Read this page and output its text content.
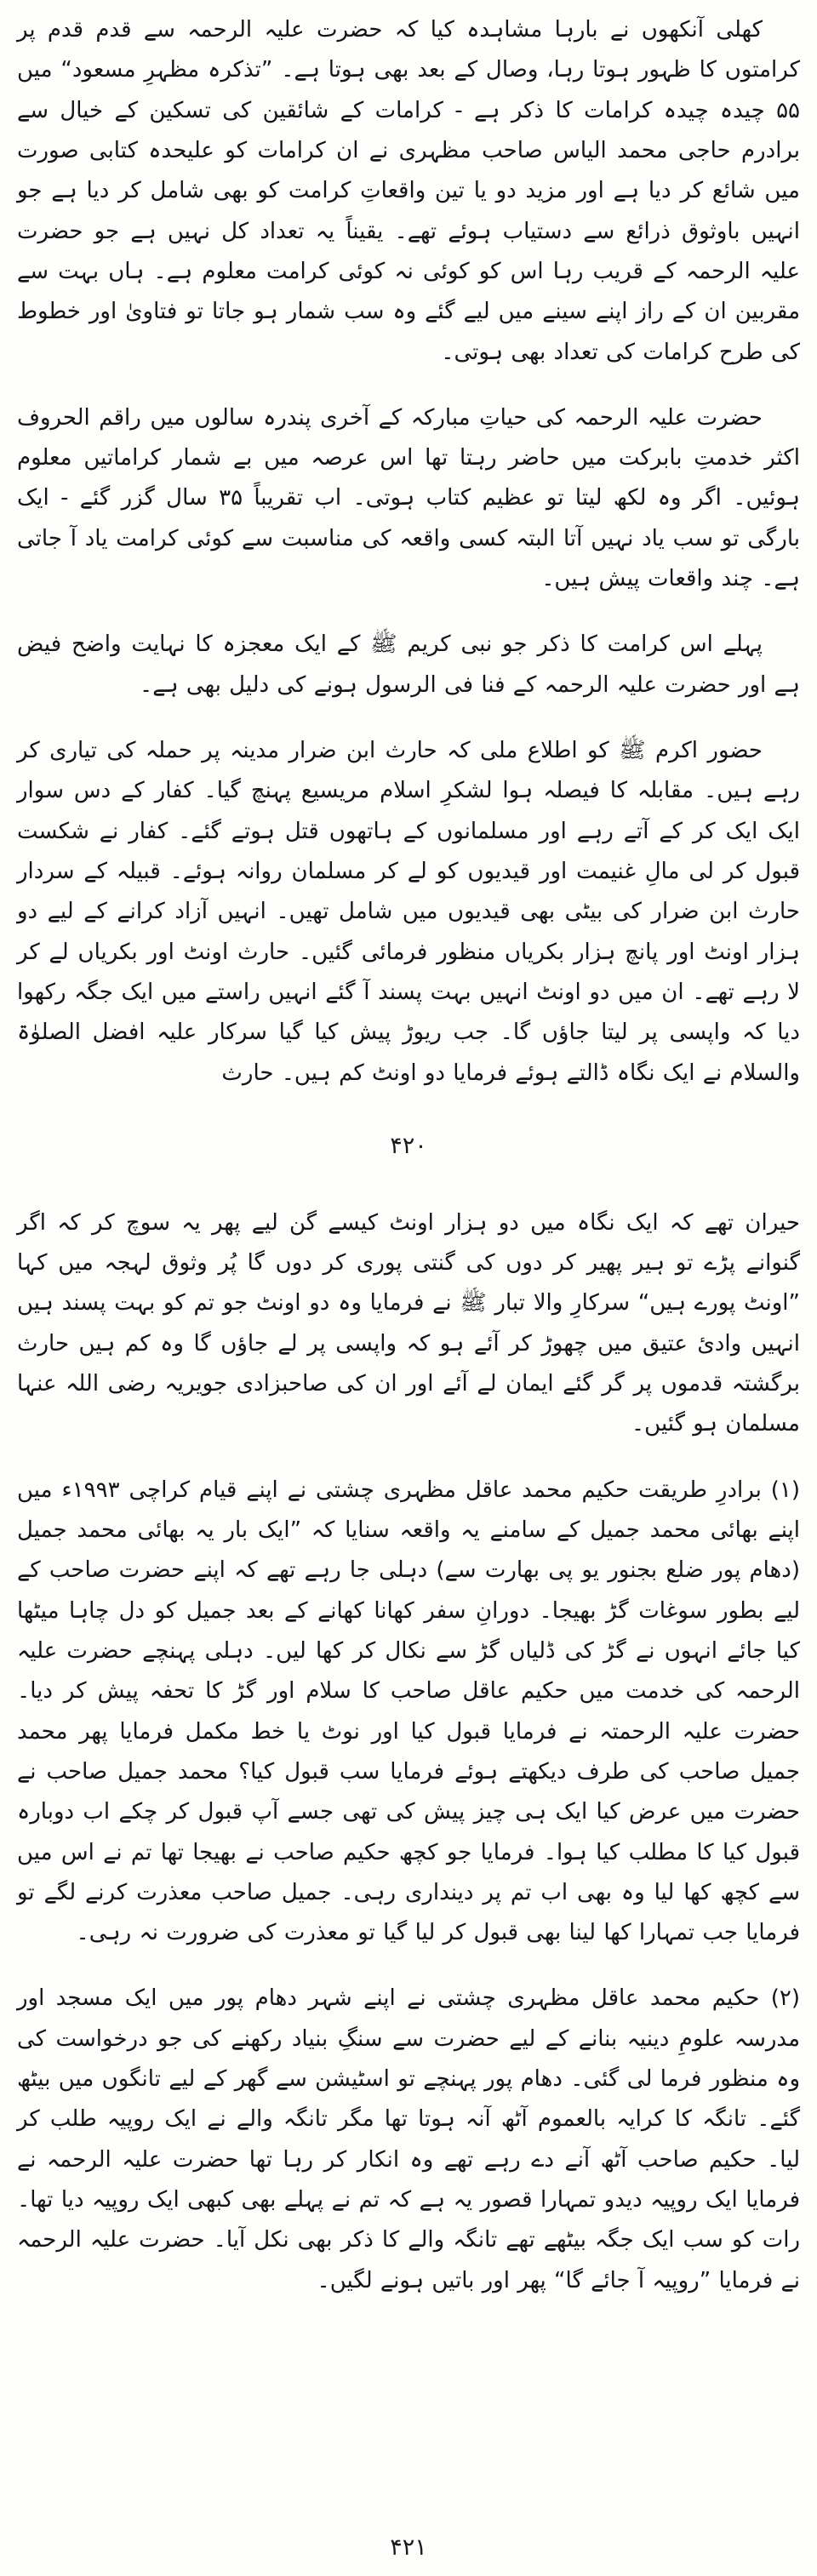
کھلی آنکھوں نے بارہا مشاہدہ کیا کہ حضرت علیہ الرحمہ سے قدم قدم پر کرامتوں کا ظہور ہوتا رہا، وصال کے بعد بھی ہوتا ہے۔ ”تذکرہ مظہرِ مسعود“ میں ۵۵ چیدہ چیدہ کرامات کا ذکر ہے - کرامات کے شائقین کی تسکین کے خیال سے برادرم حاجی محمد الیاس صاحب مظہری نے ان کرامات کو علیحدہ کتابی صورت میں شائع کر دیا ہے اور مزید دو یا تین واقعاتِ کرامت کو بھی شامل کر دیا ہے جو انہیں باوثوق ذرائع سے دستیاب ہوئے تھے۔ یقیناً یہ تعداد کل نہیں ہے جو حضرت علیہ الرحمہ کے قریب رہا اس کو کوئی نہ کوئی کرامت معلوم ہے۔ ہاں بہت سے مقربین ان کے راز اپنے سینے میں لیے گئے وہ سب شمار ہو جاتا تو فتاویٰ اور خطوط کی طرح کرامات کی تعداد بھی ہوتی۔

حضرت علیہ الرحمہ کی حیاتِ مبارکہ کے آخری پندرہ سالوں میں راقم الحروف اکثر خدمتِ بابرکت میں حاضر رہتا تھا اس عرصہ میں بے شمار کراماتیں معلوم ہوئیں۔ اگر وہ لکھ لیتا تو عظیم کتاب ہوتی۔ اب تقریباً ۳۵ سال گزر گئے - ایک بارگی تو سب یاد نہیں آتا البتہ کسی واقعہ کی مناسبت سے کوئی کرامت یاد آ جاتی ہے۔ چند واقعات پیش ہیں۔

پہلے اس کرامت کا ذکر جو نبی کریم ﷺ کے ایک معجزہ کا نہایت واضح فیض ہے اور حضرت علیہ الرحمہ کے فنا فی الرسول ہونے کی دلیل بھی ہے۔

حضور اکرم ﷺ کو اطلاع ملی کہ حارث ابن ضرار مدینہ پر حملہ کی تیاری کر رہے ہیں۔ مقابلہ کا فیصلہ ہوا لشکرِ اسلام مریسیع پہنچ گیا۔ کفار کے دس سوار ایک ایک کر کے آتے رہے اور مسلمانوں کے ہاتھوں قتل ہوتے گئے۔ کفار نے شکست قبول کر لی مالِ غنیمت اور قیدیوں کو لے کر مسلمان روانہ ہوئے۔ قبیلہ کے سردار حارث ابن ضرار کی بیٹی بھی قیدیوں میں شامل تھیں۔ انہیں آزاد کرانے کے لیے دو ہزار اونٹ اور پانچ ہزار بکریاں منظور فرمائی گئیں۔ حارث اونٹ اور بکریاں لے کر لا رہے تھے۔ ان میں دو اونٹ انہیں بہت پسند آ گئے انہیں راستے میں ایک جگہ رکھوا دیا کہ واپسی پر لیتا جاؤں گا۔ جب ریوڑ پیش کیا گیا سرکار علیہ افضل الصلوٰۃ والسلام نے ایک نگاہ ڈالتے ہوئے فرمایا دو اونٹ کم ہیں۔ حارث

۴۲۰

حیران تھے کہ ایک نگاہ میں دو ہزار اونٹ کیسے گن لیے پھر یہ سوچ کر کہ اگر گنوانے پڑے تو ہیر پھیر کر دوں کی گنتی پوری کر دوں گا پُر وثوق لہجہ میں کہا ”اونٹ پورے ہیں“ سرکارِ والا تبار ﷺ نے فرمایا وہ دو اونٹ جو تم کو بہت پسند ہیں انہیں وادیٔ عتیق میں چھوڑ کر آئے ہو کہ واپسی پر لے جاؤں گا وہ کم ہیں حارث برگشتہ قدموں پر گر گئے ایمان لے آئے اور ان کی صاحبزادی جویریہ رضی اللہ عنہا مسلمان ہو گئیں۔

(۱) برادرِ طریقت حکیم محمد عاقل مظہری چشتی نے اپنے قیام کراچی ۱۹۹۳ء میں اپنے بھائی محمد جمیل کے سامنے یہ واقعہ سنایا کہ ”ایک بار یہ بھائی محمد جمیل (دھام پور ضلع بجنور یو پی بھارت سے) دہلی جا رہے تھے کہ اپنے حضرت صاحب کے لیے بطور سوغات گڑ بھیجا۔ دورانِ سفر کھانا کھانے کے بعد جمیل کو دل چاہا میٹھا کیا جائے انہوں نے گڑ کی ڈلیاں گڑ سے نکال کر کھا لیں۔ دہلی پہنچے حضرت علیہ الرحمہ کی خدمت میں حکیم عاقل صاحب کا سلام اور گڑ کا تحفہ پیش کر دیا۔ حضرت علیہ الرحمتہ نے فرمایا قبول کیا اور نوٹ یا خط مکمل فرمایا پھر محمد جمیل صاحب کی طرف دیکھتے ہوئے فرمایا سب قبول کیا؟ محمد جمیل صاحب نے حضرت میں عرض کیا ایک ہی چیز پیش کی تھی جسے آپ قبول کر چکے اب دوبارہ قبول کیا کا مطلب کیا ہوا۔ فرمایا جو کچھ حکیم صاحب نے بھیجا تھا تم نے اس میں سے کچھ کھا لیا وہ بھی اب تم پر دینداری رہی۔ جمیل صاحب معذرت کرنے لگے تو فرمایا جب تمہارا کھا لینا بھی قبول کر لیا گیا تو معذرت کی ضرورت نہ رہی۔

(۲) حکیم محمد عاقل مظہری چشتی نے اپنے شہر دھام پور میں ایک مسجد اور مدرسہ علومِ دینیہ بنانے کے لیے حضرت سے سنگِ بنیاد رکھنے کی جو درخواست کی وہ منظور فرما لی گئی۔ دھام پور پہنچے تو اسٹیشن سے گھر کے لیے تانگوں میں بیٹھ گئے۔ تانگہ کا کرایہ بالعموم آٹھ آنہ ہوتا تھا مگر تانگہ والے نے ایک روپیہ طلب کر لیا۔ حکیم صاحب آٹھ آنے دے رہے تھے وہ انکار کر رہا تھا حضرت علیہ الرحمہ نے فرمایا ایک روپیہ دیدو تمہارا قصور یہ ہے کہ تم نے پہلے بھی کبھی ایک روپیہ دیا تھا۔ رات کو سب ایک جگہ بیٹھے تھے تانگہ والے کا ذکر بھی نکل آیا۔ حضرت علیہ الرحمہ نے فرمایا ”روپیہ آ جائے گا“ پھر اور باتیں ہونے لگیں۔

۴۲۱
